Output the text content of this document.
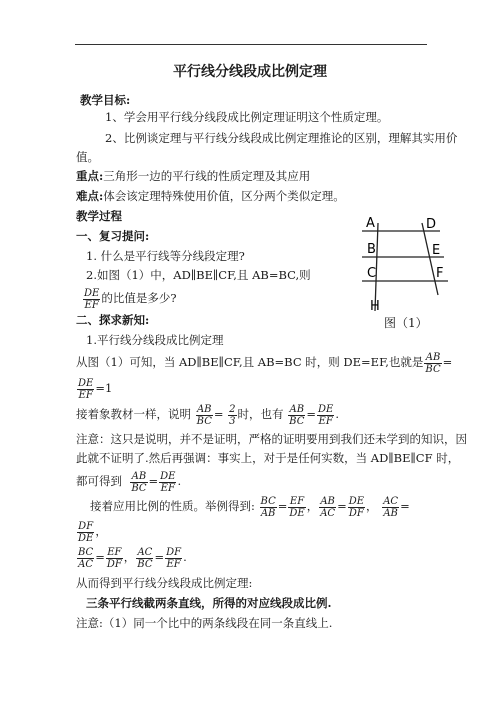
平行线分线段成比例定理
教学目标:
1、学会用平行线分线段成比例定理证明这个性质定理。
2、比例谈定理与平行线分线段成比例定理推论的区别，理解其实用价
值。
重点:三角形一边的平行线的性质定理及其应用
难点:体会该定理特殊使用价值，区分两个类似定理。
教学过程
一、复习提问:
1. 什么是平行线等分线段定理?
2.如图（1）中，AD∥BE∥CF,且 AB=BC,则
$\frac{DE}{EF}$ 的比值是多少?
A	D
B	E
C	F
H
图（1）
二、探求新知:
1.平行线分线段成比例定理
从图（1）可知，当 AD∥BE∥CF,且 AB=BC 时，则 DE=EF,也就是 $\frac{AB}{BC}$ =
$\frac{DE}{EF} =1$
接着象教材一样，说明 $\frac{AB}{BC} = \frac{2}{3}$ 时，也有 $\frac{AB}{BC} = \frac{DE}{EF}$ .
注意：这只是说明，并不是证明，严格的证明要用到我们还未学到的知识，因
此就不证明了.然后再强调：事实上，对于是任何实数，当 AD∥BE∥CF 时，
都可得到 $\frac{AB}{BC} = \frac{DE}{EF}$ .
接着应用比例的性质。举例得到: $\frac{BC}{AB} = \frac{EF}{DE}$ ， $\frac{AB}{AC} = \frac{DE}{DF}$ ， $\frac{AC}{AB}$ =
$\frac{DF}{DE}$ ，
$\frac{BC}{AC} = \frac{EF}{DF}$ ， $\frac{AC}{BC} = \frac{DF}{EF}$ .
从而得到平行线分线段成比例定理:
三条平行线截两条直线，所得的对应线段成比例.
注意:（1）同一个比中的两条线段在同一条直线上.
